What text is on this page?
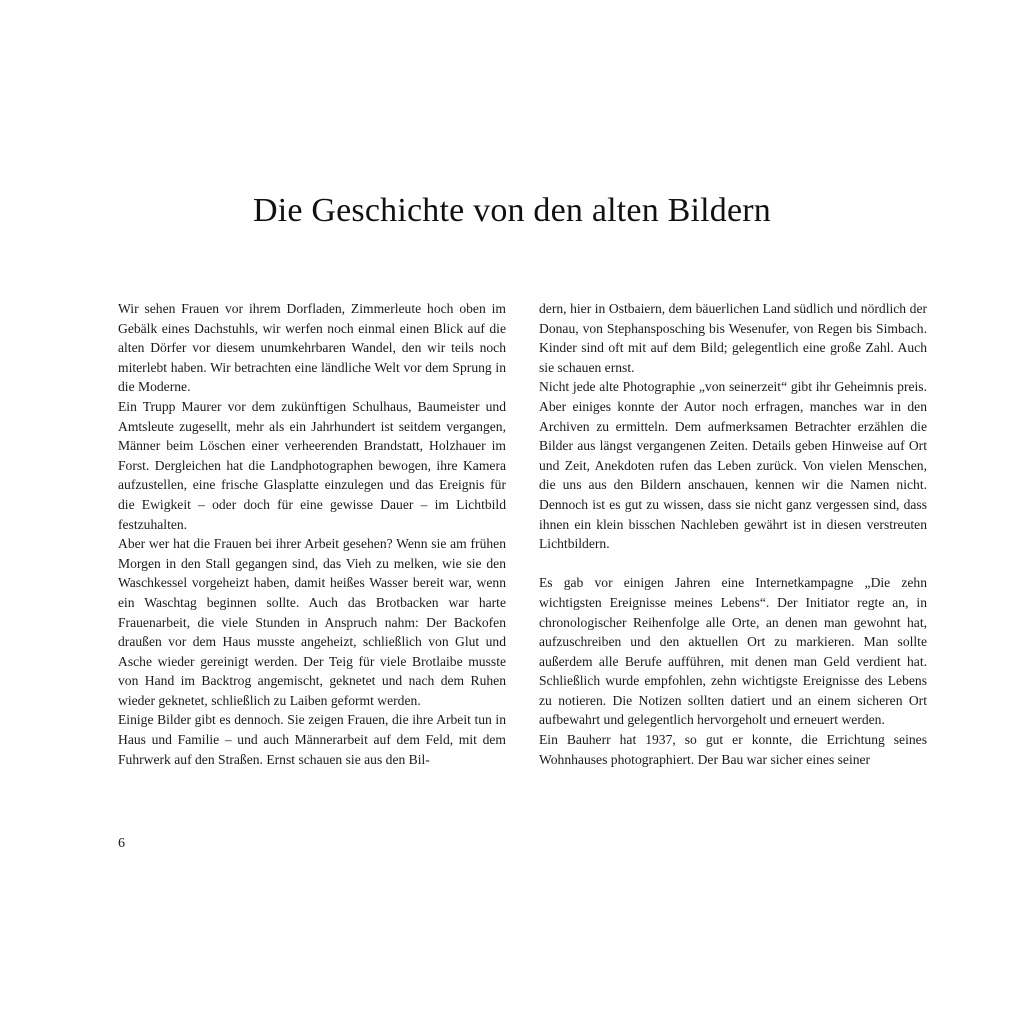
Die Geschichte von den alten Bildern

Wir sehen Frauen vor ihrem Dorfladen, Zimmerleute hoch oben im Gebälk eines Dachstuhls, wir werfen noch einmal einen Blick auf die alten Dörfer vor diesem unumkehrbaren Wandel, den wir teils noch miterlebt haben. Wir betrachten eine ländliche Welt vor dem Sprung in die Moderne.

Ein Trupp Maurer vor dem zukünftigen Schulhaus, Baumeister und Amtsleute zugesellt, mehr als ein Jahrhundert ist seitdem vergangen, Männer beim Löschen einer verheerenden Brandstatt, Holzhauer im Forst. Dergleichen hat die Landphotographen bewogen, ihre Kamera aufzustellen, eine frische Glasplatte einzulegen und das Ereignis für die Ewigkeit – oder doch für eine gewisse Dauer – im Lichtbild festzuhalten.

Aber wer hat die Frauen bei ihrer Arbeit gesehen? Wenn sie am frühen Morgen in den Stall gegangen sind, das Vieh zu melken, wie sie den Waschkessel vorgeheizt haben, damit heißes Wasser bereit war, wenn ein Waschtag beginnen sollte. Auch das Brotbacken war harte Frauenarbeit, die viele Stunden in Anspruch nahm: Der Backofen draußen vor dem Haus musste angeheizt, schließlich von Glut und Asche wieder gereinigt werden. Der Teig für viele Brotlaibe musste von Hand im Backtrog angemischt, geknetet und nach dem Ruhen wieder geknetet, schließlich zu Laiben geformt werden.

Einige Bilder gibt es dennoch. Sie zeigen Frauen, die ihre Arbeit tun in Haus und Familie – und auch Männerarbeit auf dem Feld, mit dem Fuhrwerk auf den Straßen. Ernst schauen sie aus den Bil-

dern, hier in Ostbaiern, dem bäuerlichen Land südlich und nördlich der Donau, von Stephansposching bis Wesenufer, von Regen bis Simbach. Kinder sind oft mit auf dem Bild; gelegentlich eine große Zahl. Auch sie schauen ernst.

Nicht jede alte Photographie „von seinerzeit“ gibt ihr Geheimnis preis. Aber einiges konnte der Autor noch erfragen, manches war in den Archiven zu ermitteln. Dem aufmerksamen Betrachter erzählen die Bilder aus längst vergangenen Zeiten. Details geben Hinweise auf Ort und Zeit, Anekdoten rufen das Leben zurück. Von vielen Menschen, die uns aus den Bildern anschauen, kennen wir die Namen nicht. Dennoch ist es gut zu wissen, dass sie nicht ganz vergessen sind, dass ihnen ein klein bisschen Nachleben gewährt ist in diesen verstreuten Lichtbildern.

Es gab vor einigen Jahren eine Internetkampagne „Die zehn wichtigsten Ereignisse meines Lebens“. Der Initiator regte an, in chronologischer Reihenfolge alle Orte, an denen man gewohnt hat, aufzuschreiben und den aktuellen Ort zu markieren. Man sollte außerdem alle Berufe aufführen, mit denen man Geld verdient hat. Schließlich wurde empfohlen, zehn wichtigste Ereignisse des Lebens zu notieren. Die Notizen sollten datiert und an einem sicheren Ort aufbewahrt und gelegentlich hervorgeholt und erneuert werden.

Ein Bauherr hat 1937, so gut er konnte, die Errichtung seines Wohnhauses photographiert. Der Bau war sicher eines seiner

6
